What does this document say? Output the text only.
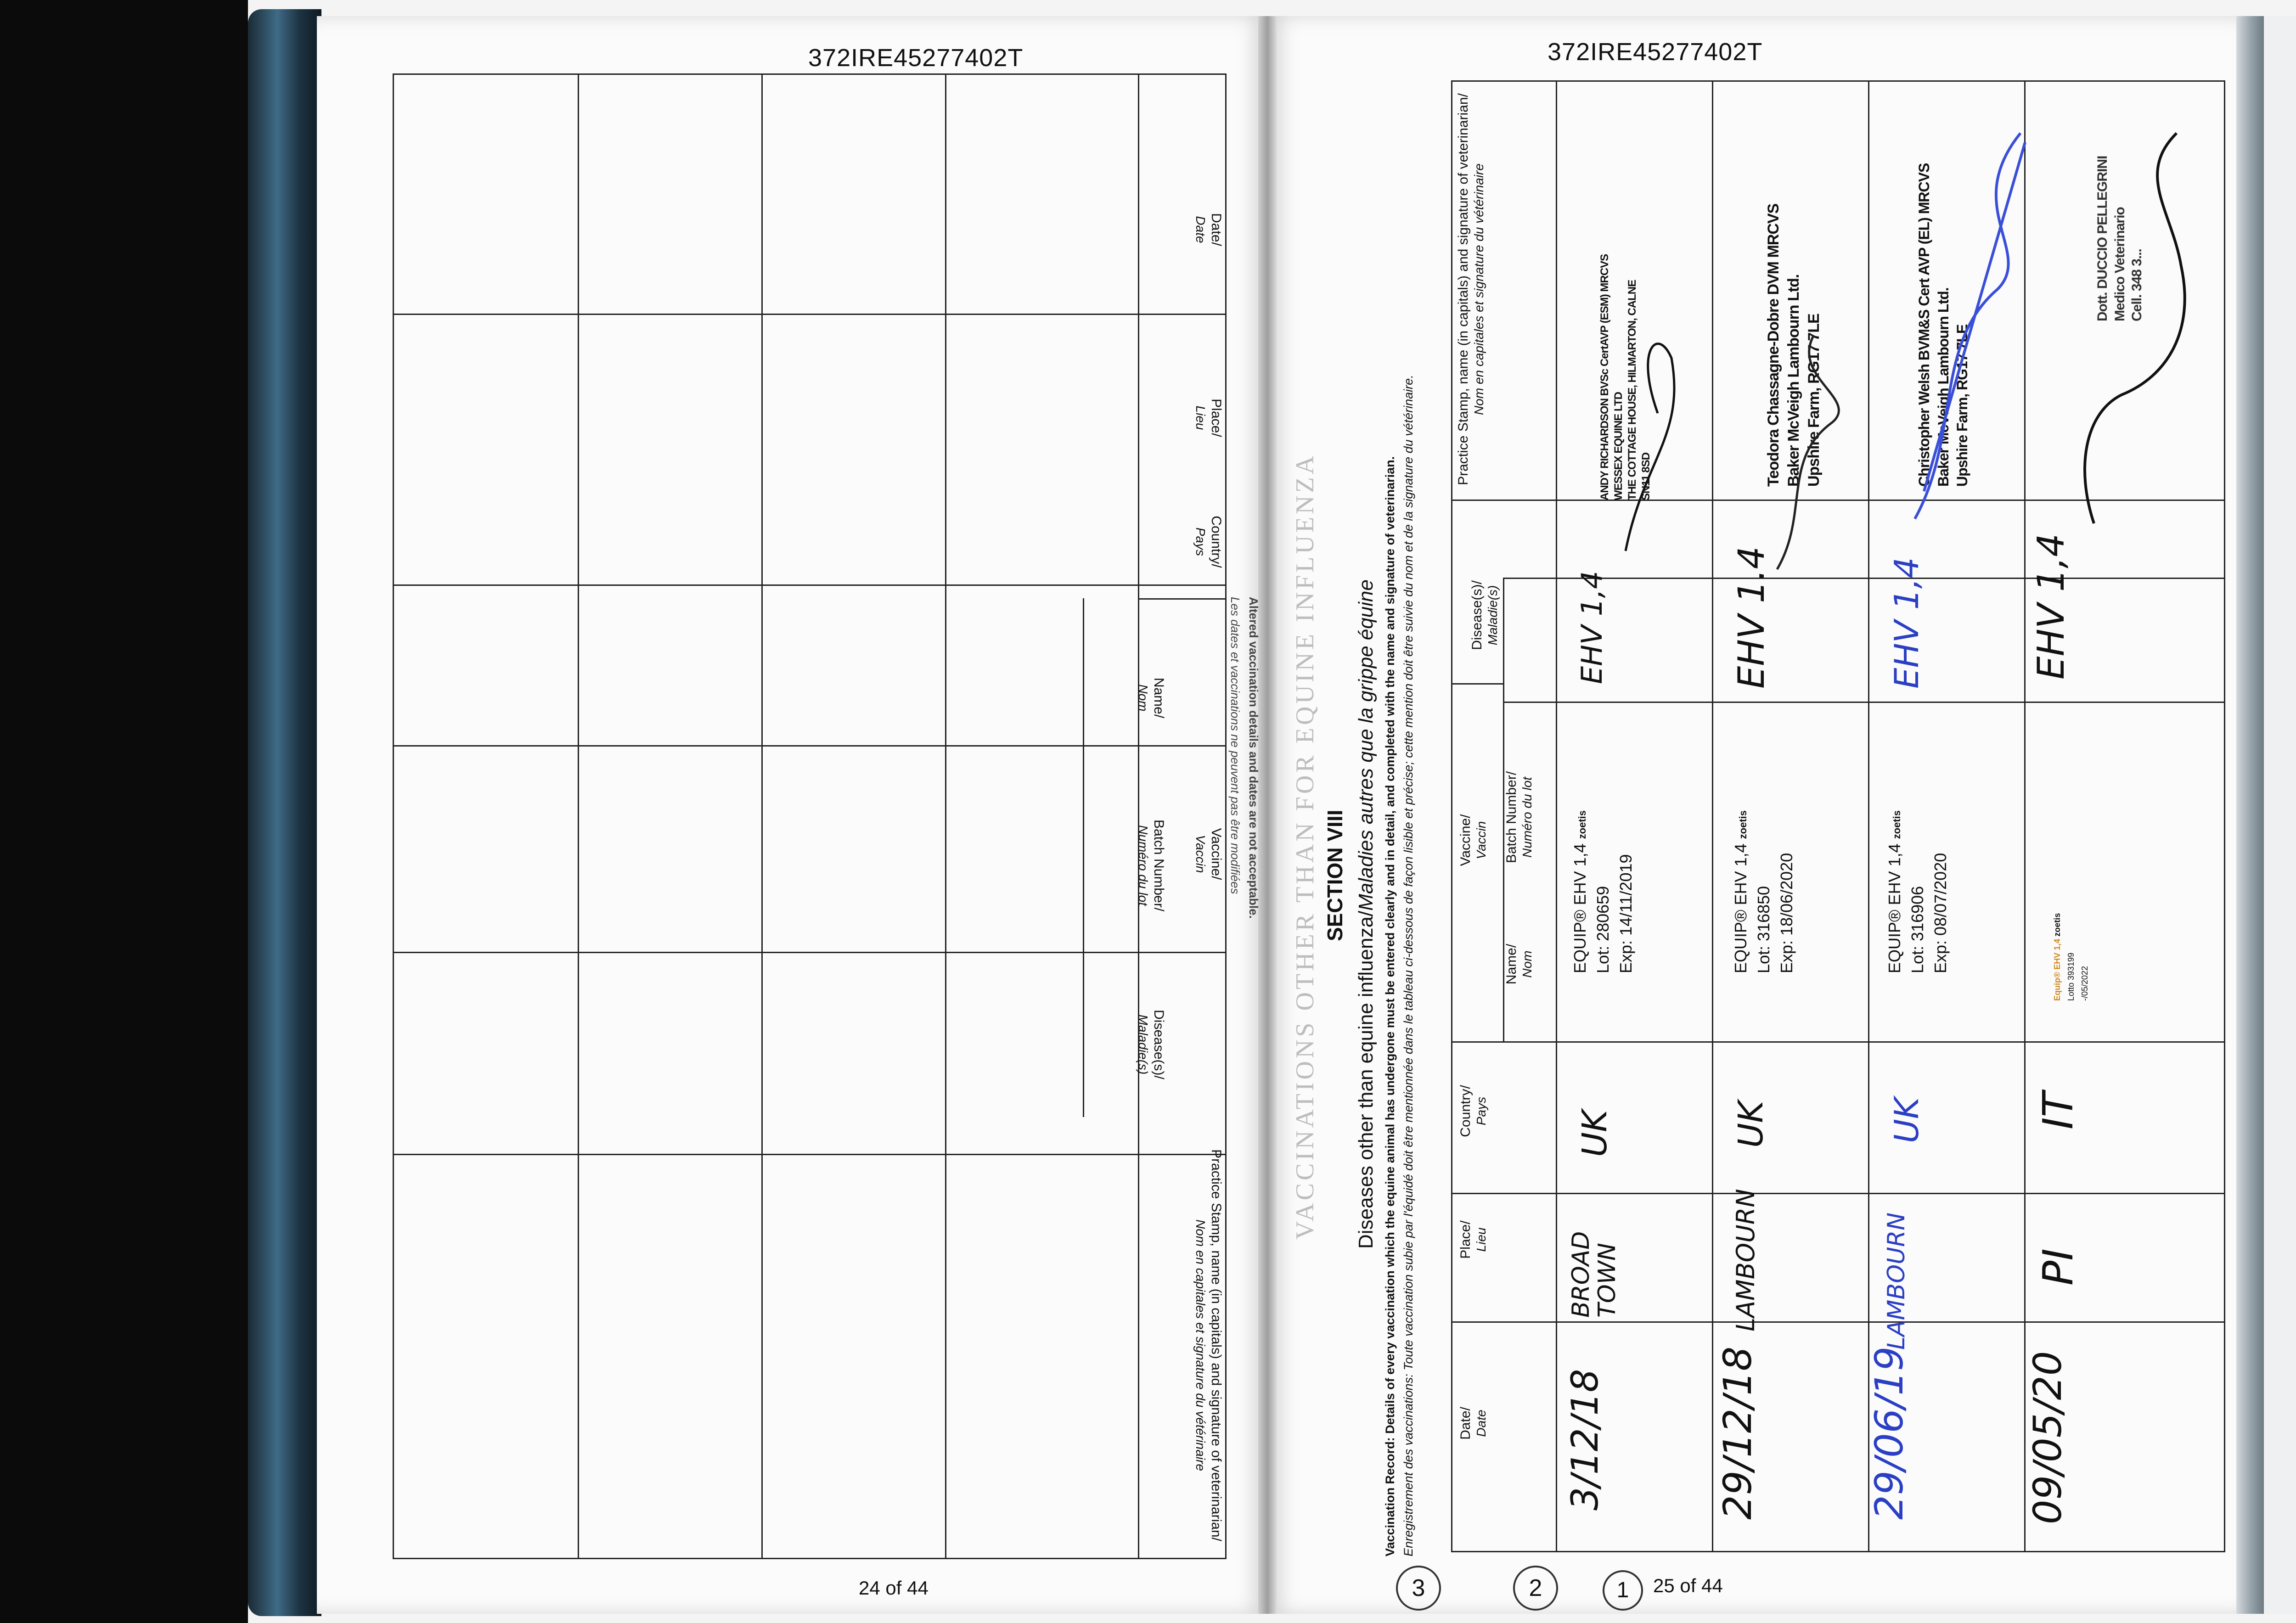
372IRE45277402T
24 of 44
Date/
Date
Place/
Lieu
Country/
Pays
Vaccine/
Vaccin
Name/
Nom
Batch Number/
Numéro du lot
Disease(s)/
Maladie(s)
Practice Stamp, name (in capitals) and signature of veterinarian/
Nom en capitales et signature du vétérinaire
Altered vaccination details and dates are not acceptable.
Les dates et vaccinations ne peuvent pas être modifiées
372IRE45277402T
25 of 44
VACCINATIONS OTHER THAN FOR EQUINE INFLUENZA SECTION VIII
Diseases other than equine influenza/Maladies autres que la grippe équine Vaccination Record: Details of every vaccination which the equine animal has undergone must be entered clearly and in detail, and completed with the name and signature of veterinarian. Enregistrement des vaccinations: Toute vaccination subie par l'équidé doit être mentionnée dans le tableau ci-dessous de façon lisible et précise; cette mention doit être suivie du nom et de la signature du vétérinaire.	Date/ Date
Place/ Lieu
Country/ Pays
Vaccine/ Vaccin
Name/ Nom
Batch Number/ Numéro du lot
Disease(s)/ Maladie(s)
Practice Stamp, name (in capitals) and signature of veterinarian/ Nom en capitales et signature du vétérinaire
3/12/18
BROAD TOWN
UK
EQUIP® EHV 1,4 zoetis
Lot: 280659
Exp: 14/11/2019
EHV 1,4
ANDY RICHARDSON BVSc CertAVP (ESM) MRCVS WESSEX EQUINE LTD THE COTTAGE HOUSE, HILMARTON, CALNE SN11 8SD
29/12/18
LAMBOURN
UK
EQUIP® EHV 1,4 zoetis
Lot: 316850
Exp: 18/06/2020
EHV 1.4
Teodora Chassagne-Dobre DVM MRCVS Baker McVeigh Lambourn Ltd. Upshire Farm, RG17 7LE
29/06/19
LAMBOURN
UK
EQUIP® EHV 1,4 zoetis
Lot: 316906
Exp: 08/07/2020
EHV 1,4
Christopher Welsh BVM&S Cert AVP (EL) MRCVS Baker McVeigh Lambourn Ltd. Upshire Farm, RG17 7LE
09/05/20
PI
IT
Equip® EHV 1,4 zoetis
Lotto 393199 -/05/2022
EHV 1,4
Dott. DUCCIO PELLEGRINI Medico Veterinario Cell. 348 3...
1
2
3
